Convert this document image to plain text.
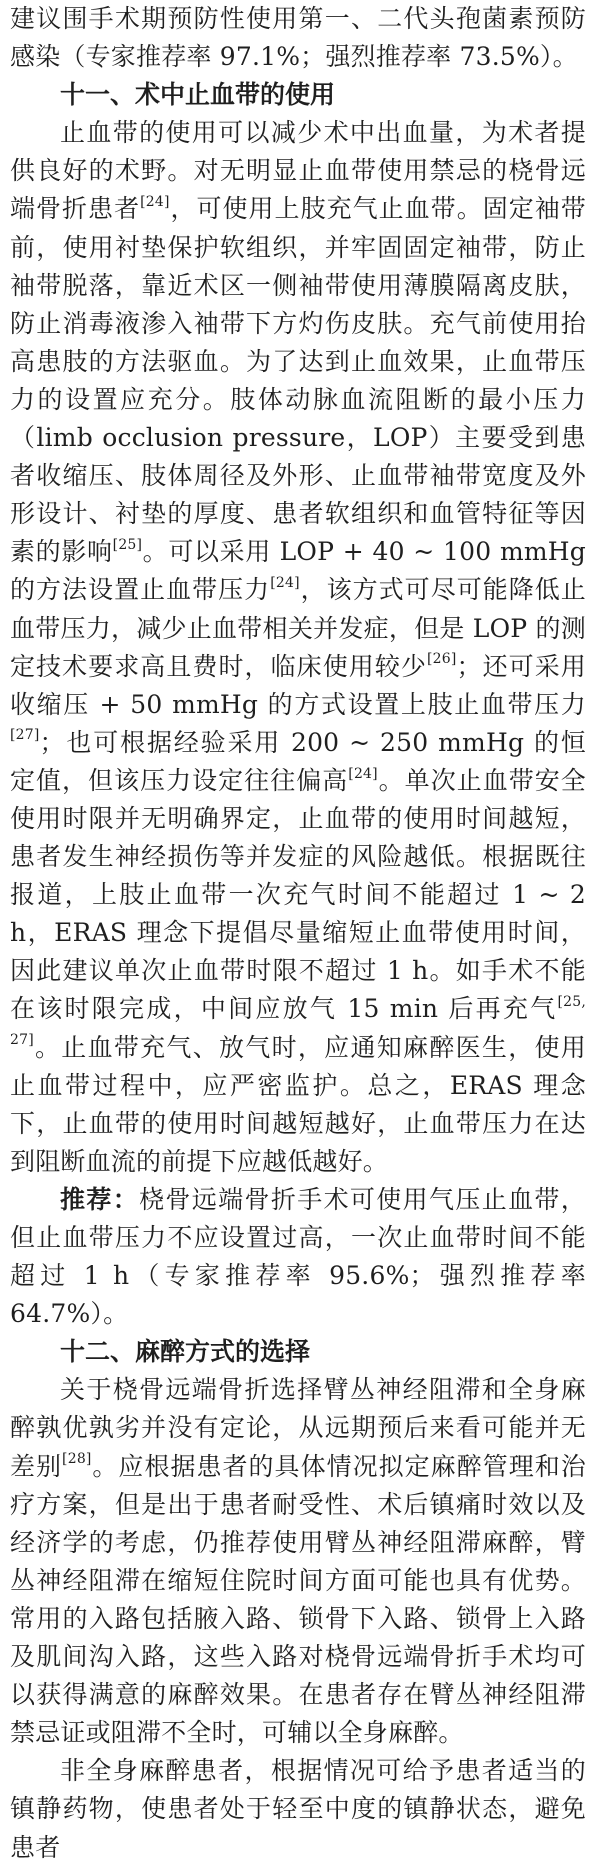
建议围手术期预防性使用第一、二代头孢菌素预防感染（专家推荐率 97.1%；强烈推荐率 73.5%）。

十一、术中止血带的使用

止血带的使用可以减少术中出血量，为术者提供良好的术野。对无明显止血带使用禁忌的桡骨远端骨折患者[24]，可使用上肢充气止血带。固定袖带前，使用衬垫保护软组织，并牢固固定袖带，防止袖带脱落，靠近术区一侧袖带使用薄膜隔离皮肤，防止消毒液渗入袖带下方灼伤皮肤。充气前使用抬高患肢的方法驱血。为了达到止血效果，止血带压力的设置应充分。肢体动脉血流阻断的最小压力（limb occlusion pressure，LOP）主要受到患者收缩压、肢体周径及外形、止血带袖带宽度及外形设计、衬垫的厚度、患者软组织和血管特征等因素的影响[25]。可以采用 LOP + 40 ~ 100 mmHg 的方法设置止血带压力[24]，该方式可尽可能降低止血带压力，减少止血带相关并发症，但是 LOP 的测定技术要求高且费时，临床使用较少[26]；还可采用收缩压 + 50 mmHg 的方式设置上肢止血带压力[27]；也可根据经验采用 200 ~ 250 mmHg 的恒定值，但该压力设定往往偏高[24]。单次止血带安全使用时限并无明确界定，止血带的使用时间越短，患者发生神经损伤等并发症的风险越低。根据既往报道，上肢止血带一次充气时间不能超过 1 ~ 2 h，ERAS 理念下提倡尽量缩短止血带使用时间，因此建议单次止血带时限不超过 1 h。如手术不能在该时限完成，中间应放气 15 min 后再充气[25, 27]。止血带充气、放气时，应通知麻醉医生，使用止血带过程中，应严密监护。总之，ERAS 理念下，止血带的使用时间越短越好，止血带压力在达到阻断血流的前提下应越低越好。

推荐：桡骨远端骨折手术可使用气压止血带，但止血带压力不应设置过高，一次止血带时间不能超过 1 h（专家推荐率 95.6%；强烈推荐率 64.7%）。

十二、麻醉方式的选择

关于桡骨远端骨折选择臂丛神经阻滞和全身麻醉孰优孰劣并没有定论，从远期预后来看可能并无差别[28]。应根据患者的具体情况拟定麻醉管理和治疗方案，但是出于患者耐受性、术后镇痛时效以及经济学的考虑，仍推荐使用臂丛神经阻滞麻醉，臂丛神经阻滞在缩短住院时间方面可能也具有优势。常用的入路包括腋入路、锁骨下入路、锁骨上入路及肌间沟入路，这些入路对桡骨远端骨折手术均可以获得满意的麻醉效果。在患者存在臂丛神经阻滞禁忌证或阻滞不全时，可辅以全身麻醉。

非全身麻醉患者，根据情况可给予患者适当的镇静药物，使患者处于轻至中度的镇静状态，避免患者
